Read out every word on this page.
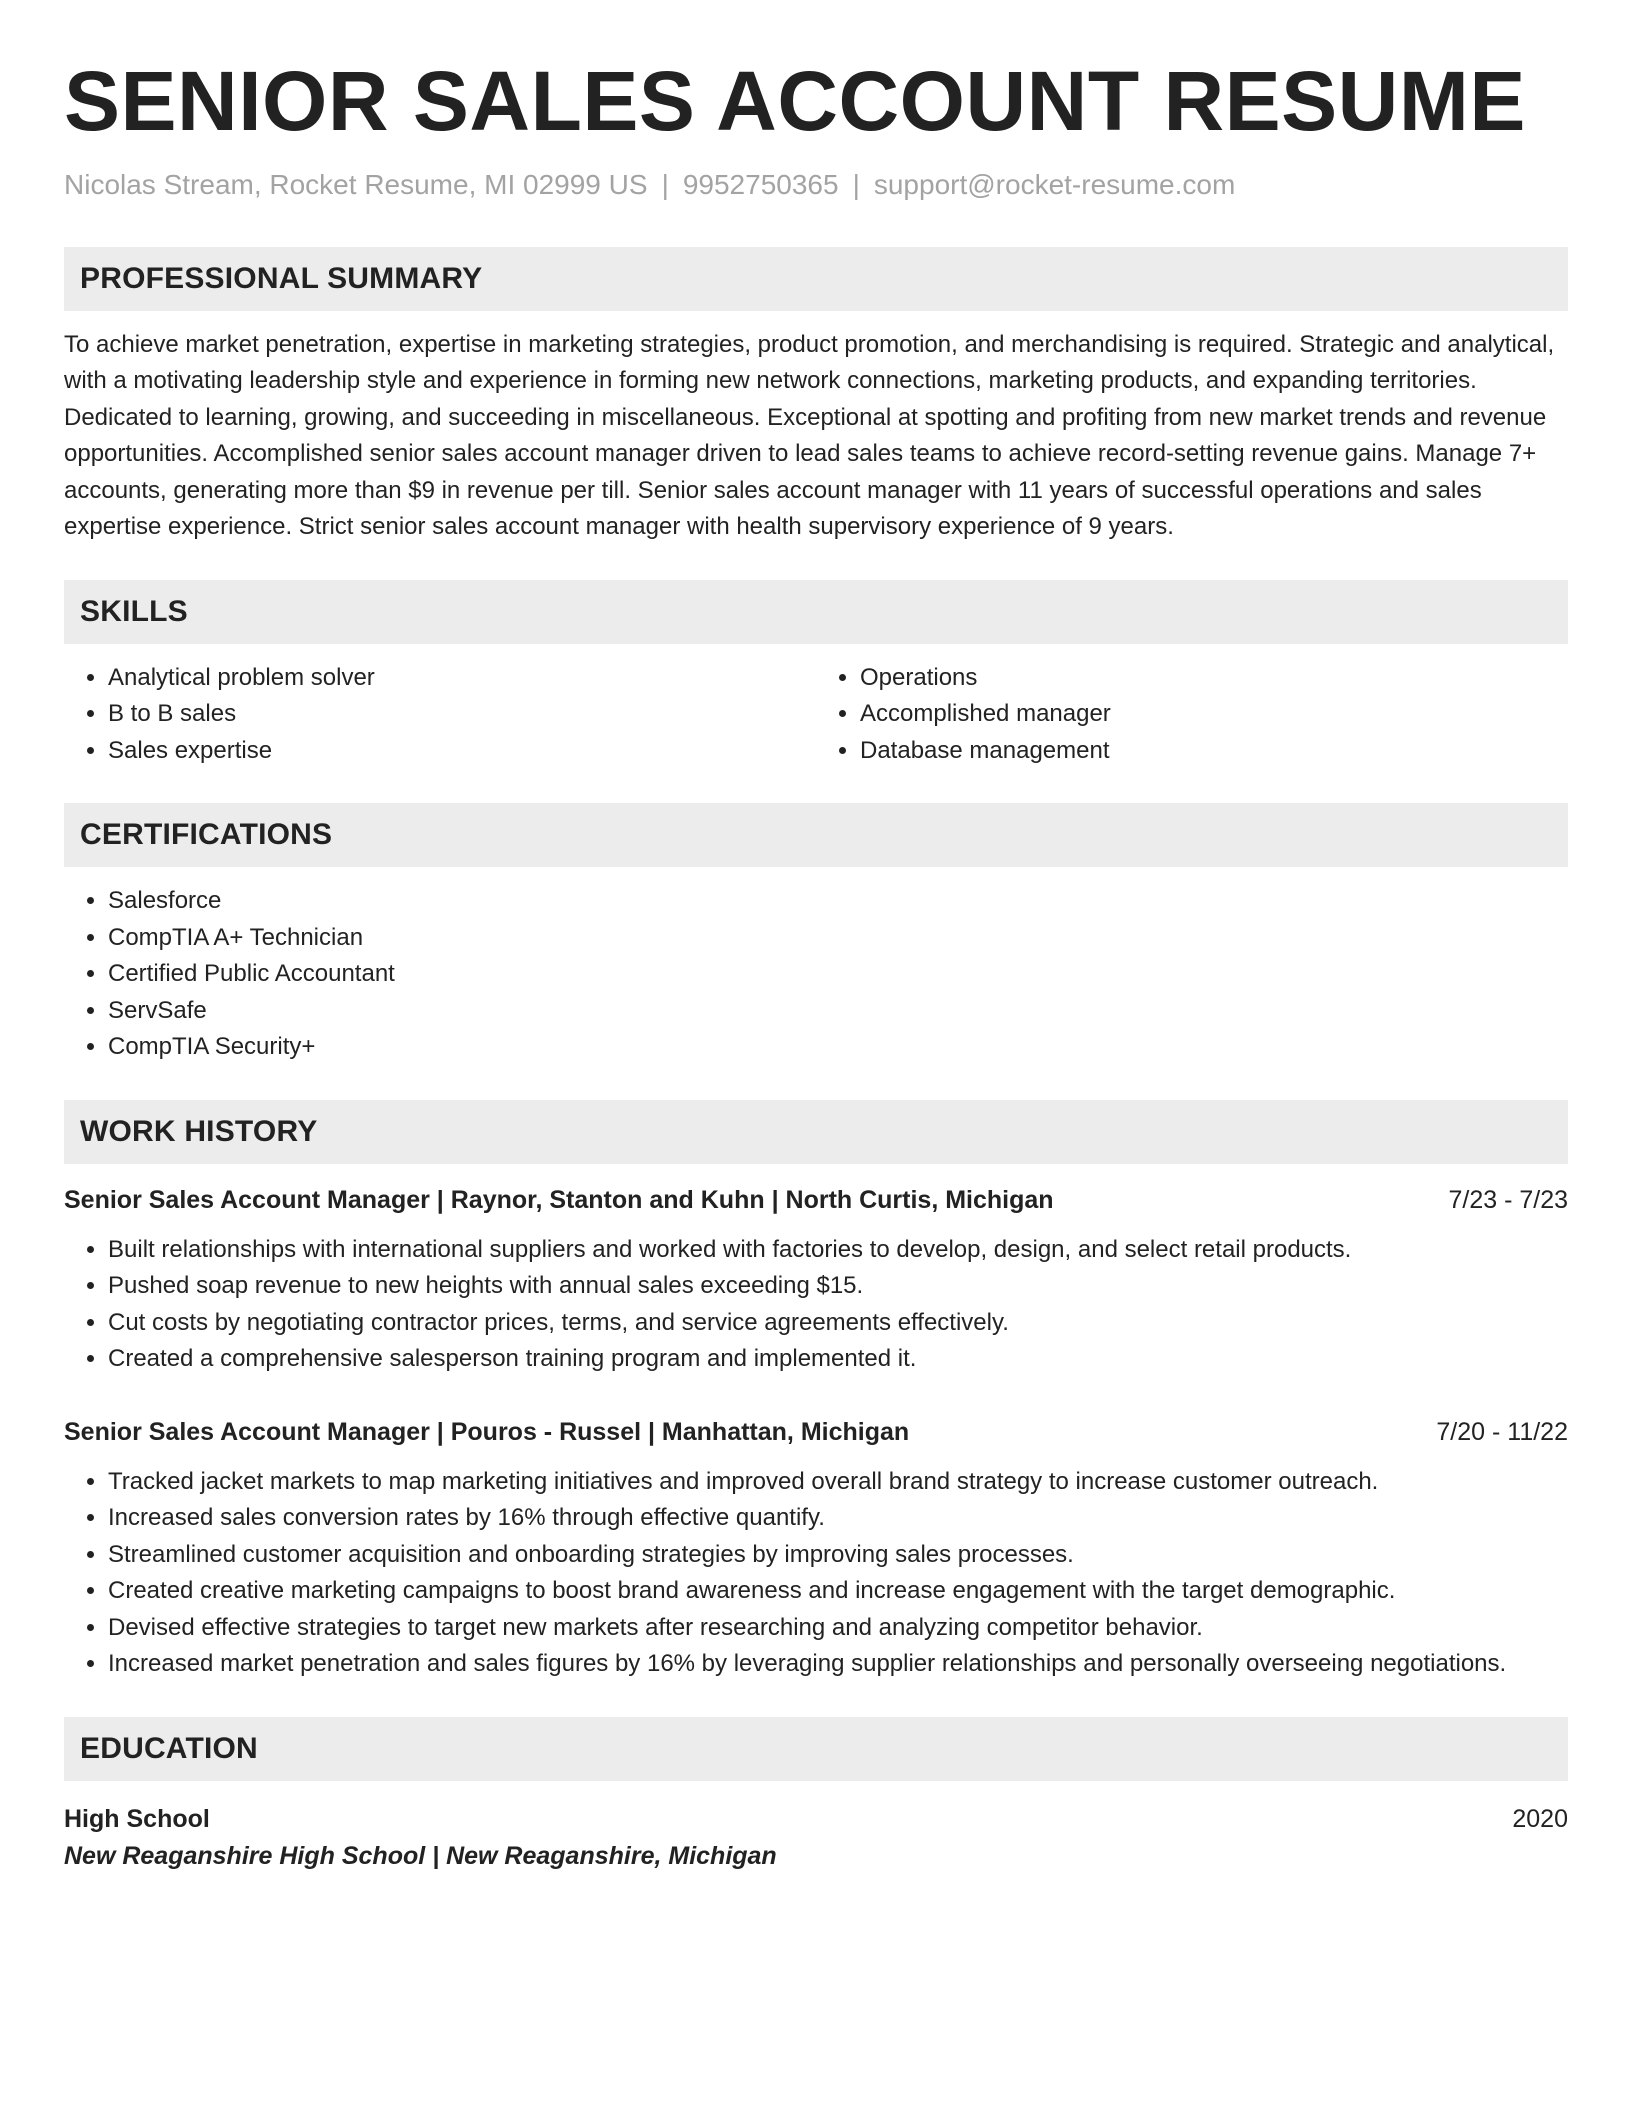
SENIOR SALES ACCOUNT RESUME
Nicolas Stream, Rocket Resume, MI 02999 US | 9952750365 | support@rocket-resume.com
PROFESSIONAL SUMMARY

To achieve market penetration, expertise in marketing strategies, product promotion, and merchandising is required. Strategic and analytical, with a motivating leadership style and experience in forming new network connections, marketing products, and expanding territories. Dedicated to learning, growing, and succeeding in miscellaneous. Exceptional at spotting and profiting from new market trends and revenue opportunities. Accomplished senior sales account manager driven to lead sales teams to achieve record-setting revenue gains. Manage 7+ accounts, generating more than $9 in revenue per till. Senior sales account manager with 11 years of successful operations and sales expertise experience. Strict senior sales account manager with health supervisory experience of 9 years.

SKILLS
• Analytical problem solver
• B to B sales
• Sales expertise
• Operations
• Accomplished manager
• Database management
CERTIFICATIONS
• Salesforce
• CompTIA A+ Technician
• Certified Public Accountant
• ServSafe
• CompTIA Security+
WORK HISTORY
Senior Sales Account Manager | Raynor, Stanton and Kuhn | North Curtis, Michigan	7/23 - 7/23
• Built relationships with international suppliers and worked with factories to develop, design, and select retail products.
• Pushed soap revenue to new heights with annual sales exceeding $15.
• Cut costs by negotiating contractor prices, terms, and service agreements effectively.
• Created a comprehensive salesperson training program and implemented it.
Senior Sales Account Manager | Pouros - Russel | Manhattan, Michigan	7/20 - 11/22
• Tracked jacket markets to map marketing initiatives and improved overall brand strategy to increase customer outreach.
• Increased sales conversion rates by 16% through effective quantify.
• Streamlined customer acquisition and onboarding strategies by improving sales processes.
• Created creative marketing campaigns to boost brand awareness and increase engagement with the target demographic.
• Devised effective strategies to target new markets after researching and analyzing competitor behavior.
• Increased market penetration and sales figures by 16% by leveraging supplier relationships and personally overseeing negotiations.
EDUCATION
High School	2020
New Reaganshire High School | New Reaganshire, Michigan
